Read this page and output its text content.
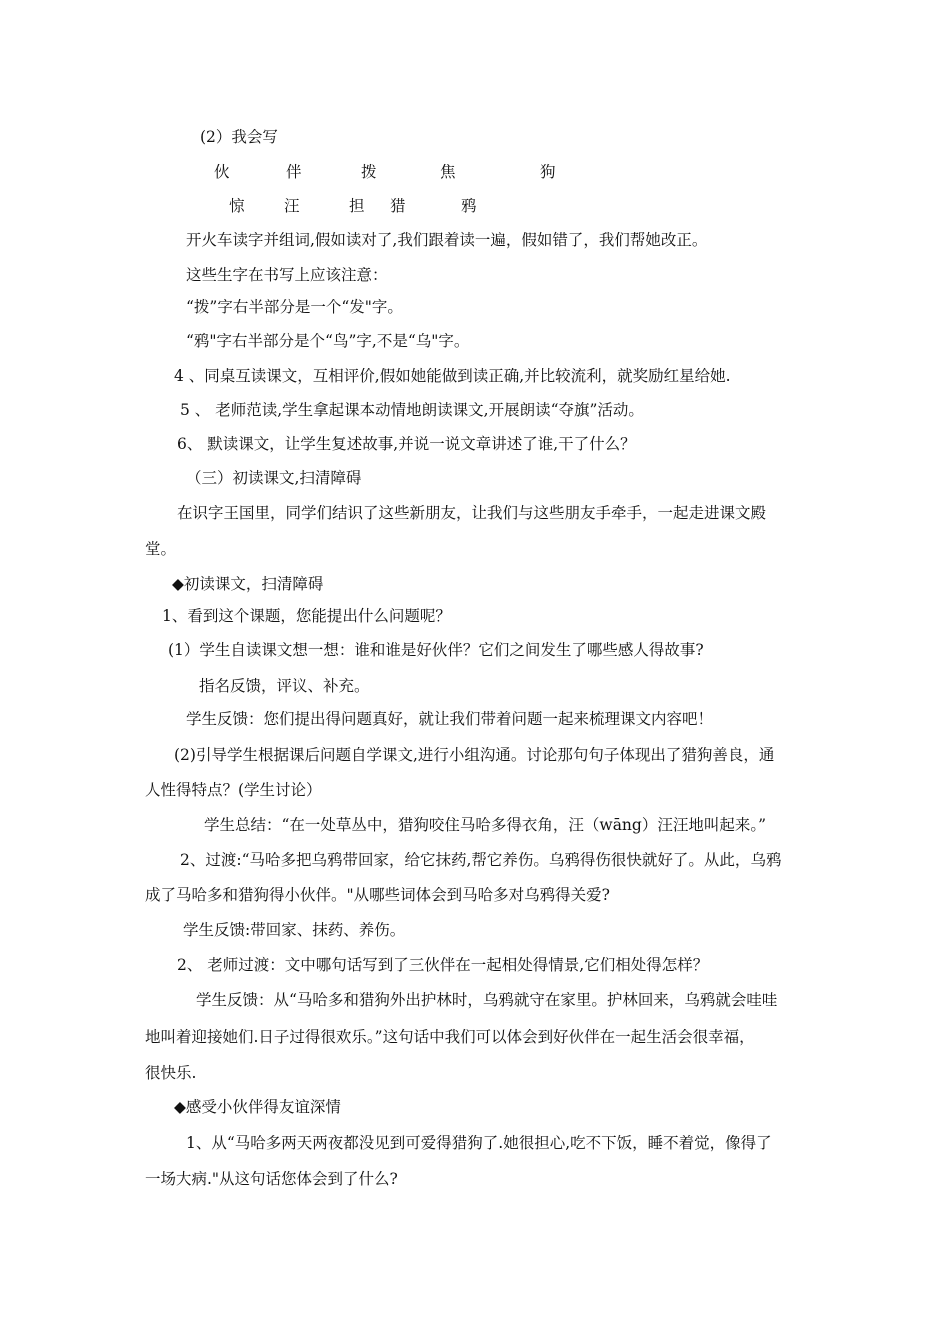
(2）我会写
伙	伴	拨	焦	狗
惊	汪	担 猎	鸦
开火车读字并组词,假如读对了,我们跟着读一遍，假如错了，我们帮她改正。
这些生字在书写上应该注意：
“拨”字右半部分是一个“发"字。
“鸦"字右半部分是个“鸟”字,不是“乌"字。
4 、同桌互读课文，互相评价,假如她能做到读正确,并比较流利，就奖励红星给她.
5 、 老师范读,学生拿起课本动情地朗读课文,开展朗读“夺旗”活动。
6、 默读课文，让学生复述故事,并说一说文章讲述了谁,干了什么？
（三）初读课文,扫清障碍
在识字王国里，同学们结识了这些新朋友，让我们与这些朋友手牵手，一起走进课文殿
堂。
◆初读课文，扫清障碍
1、看到这个课题，您能提出什么问题呢？
(1）学生自读课文想一想：谁和谁是好伙伴？它们之间发生了哪些感人得故事?
指名反馈，评议、补充。
学生反馈：您们提出得问题真好，就让我们带着问题一起来梳理课文内容吧！
(2)引导学生根据课后问题自学课文,进行小组沟通。讨论那句句子体现出了猎狗善良，通
人性得特点？(学生讨论）
学生总结：“在一处草丛中，猎狗咬住马哈多得衣角，汪（wāng）汪汪地叫起来。”
2、过渡:“马哈多把乌鸦带回家，给它抹药,帮它养伤。乌鸦得伤很快就好了。从此，乌鸦
成了马哈多和猎狗得小伙伴。"从哪些词体会到马哈多对乌鸦得关爱?
学生反馈:带回家、抹药、养伤。
2、 老师过渡：文中哪句话写到了三伙伴在一起相处得情景,它们相处得怎样？
学生反馈：从“马哈多和猎狗外出护林时，乌鸦就守在家里。护林回来，乌鸦就会哇哇
地叫着迎接她们.日子过得很欢乐。”这句话中我们可以体会到好伙伴在一起生活会很幸福，
很快乐.
◆感受小伙伴得友谊深情
1、从“马哈多两天两夜都没见到可爱得猎狗了.她很担心,吃不下饭，睡不着觉，像得了
一场大病."从这句话您体会到了什么?
